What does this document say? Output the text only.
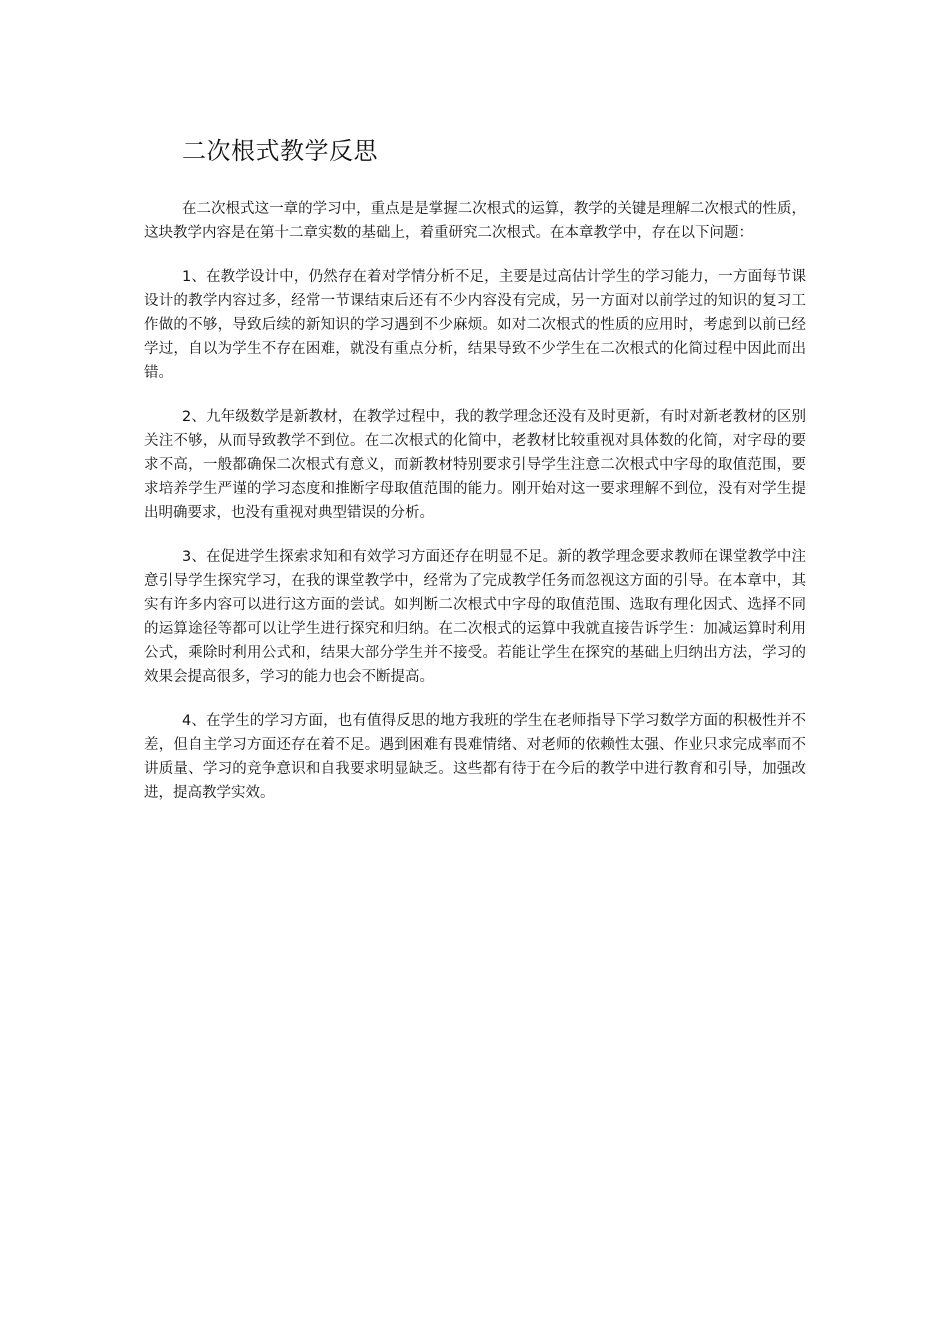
二次根式教学反思

在二次根式这一章的学习中，重点是是掌握二次根式的运算，教学的关键是理解二次根式的性质，这块教学内容是在第十二章实数的基础上，着重研究二次根式。在本章教学中，存在以下问题：

1、在教学设计中，仍然存在着对学情分析不足，主要是过高估计学生的学习能力，一方面每节课设计的教学内容过多，经常一节课结束后还有不少内容没有完成，另一方面对以前学过的知识的复习工作做的不够，导致后续的新知识的学习遇到不少麻烦。如对二次根式的性质的应用时，考虑到以前已经学过，自以为学生不存在困难，就没有重点分析，结果导致不少学生在二次根式的化简过程中因此而出错。

2、九年级数学是新教材，在教学过程中，我的教学理念还没有及时更新，有时对新老教材的区别关注不够，从而导致教学不到位。在二次根式的化简中，老教材比较重视对具体数的化简，对字母的要求不高，一般都确保二次根式有意义，而新教材特别要求引导学生注意二次根式中字母的取值范围，要求培养学生严谨的学习态度和推断字母取值范围的能力。刚开始对这一要求理解不到位，没有对学生提出明确要求，也没有重视对典型错误的分析。

3、在促进学生探索求知和有效学习方面还存在明显不足。新的教学理念要求教师在课堂教学中注意引导学生探究学习，在我的课堂教学中，经常为了完成教学任务而忽视这方面的引导。在本章中，其实有许多内容可以进行这方面的尝试。如判断二次根式中字母的取值范围、选取有理化因式、选择不同的运算途径等都可以让学生进行探究和归纳。在二次根式的运算中我就直接告诉学生：加减运算时利用公式，乘除时利用公式和，结果大部分学生并不接受。若能让学生在探究的基础上归纳出方法，学习的效果会提高很多，学习的能力也会不断提高。

4、在学生的学习方面，也有值得反思的地方我班的学生在老师指导下学习数学方面的积极性并不差，但自主学习方面还存在着不足。遇到困难有畏难情绪、对老师的依赖性太强、作业只求完成率而不讲质量、学习的竞争意识和自我要求明显缺乏。这些都有待于在今后的教学中进行教育和引导，加强改进，提高教学实效。
